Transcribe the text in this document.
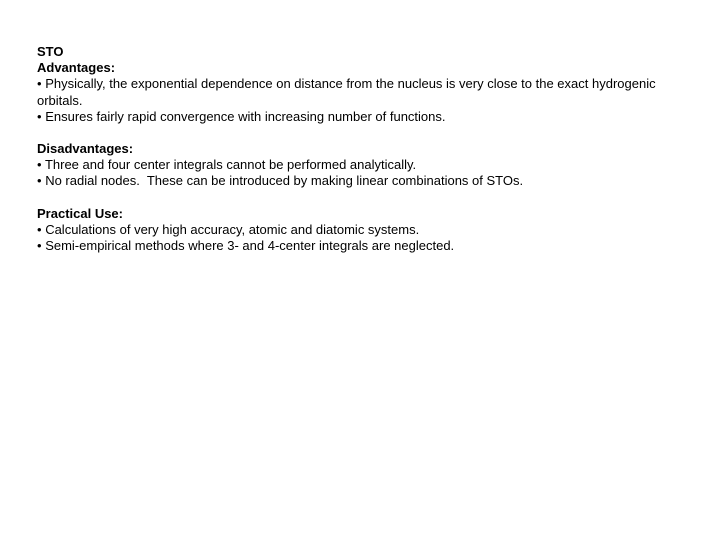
STO
Advantages:
• Physically, the exponential dependence on distance from the nucleus is very close to the exact hydrogenic orbitals.
• Ensures fairly rapid convergence with increasing number of functions.
Disadvantages:
• Three and four center integrals cannot be performed analytically.
• No radial nodes.  These can be introduced by making linear combinations of STOs.
Practical Use:
• Calculations of very high accuracy, atomic and diatomic systems.
• Semi-empirical methods where 3- and 4-center integrals are neglected.
